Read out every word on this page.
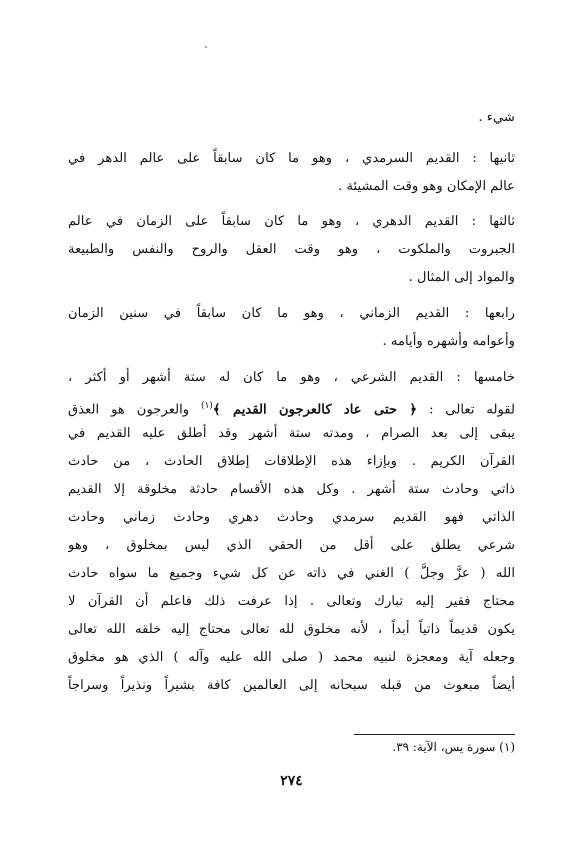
شيء .
ثانيها : القديم السرمدي ، وهو ما كان سابقاً على عالم الدهر في
عالم الإمكان وهو وقت المشيئة .
ثالثها : القديم الدهري ، وهو ما كان سابقاً على الزمان في عالم
الجبروت والملكوت ، وهو وقت العقل والروح والنفس والطبيعة
والمواد إلى المثال .
رابعها : القديم الزماني ، وهو ما كان سابقاً في سنين الزمان
وأعوامه وأشهره وأيامه .
خامسها : القديم الشرعي ، وهو ما كان له ستة أشهر أو أكثر ،
لقوله تعالى : ﴿ حتى عاد كالعرجون القديم ﴾$^{(١)}$ والعرجون هو العذق
يبقى إلى بعد الصرام ، ومدته ستة أشهر وقد أطلق عليه القديم في
القرآن الكريم . وبإزاء هذه الإطلاقات إطلاق الحادث ، من حادث
ذاتي وحادث ستة أشهر . وكل هذه الأقسام حادثة مخلوقة إلا القديم
الذاتي فهو القديم سرمدي وحادث دهري وحادث زماني وحادث
شرعي يطلق على أقل من الحقي الذي ليس بمخلوق ، وهو
الله ( عزَّ وجلَّ ) الغني في ذاته عن كل شيء وجميع ما سواه حادث
محتاج فقير إليه تبارك وتعالى . إذا عرفت ذلك فاعلم أن القرآن لا
يكون قديماً ذاتياً أبداً ، لأنه مخلوق لله تعالى محتاج إليه خلقه الله تعالى
وجعله آية ومعجزة لنبيه محمد ( صلى الله عليه وآله ) الذي هو مخلوق
أيضاً مبعوث من قبله سبحانه إلى العالمين كافة بشيراً ونذيراً وسراجاً
(١) سورة يس، الآية: ٣٩.
٢٧٤
